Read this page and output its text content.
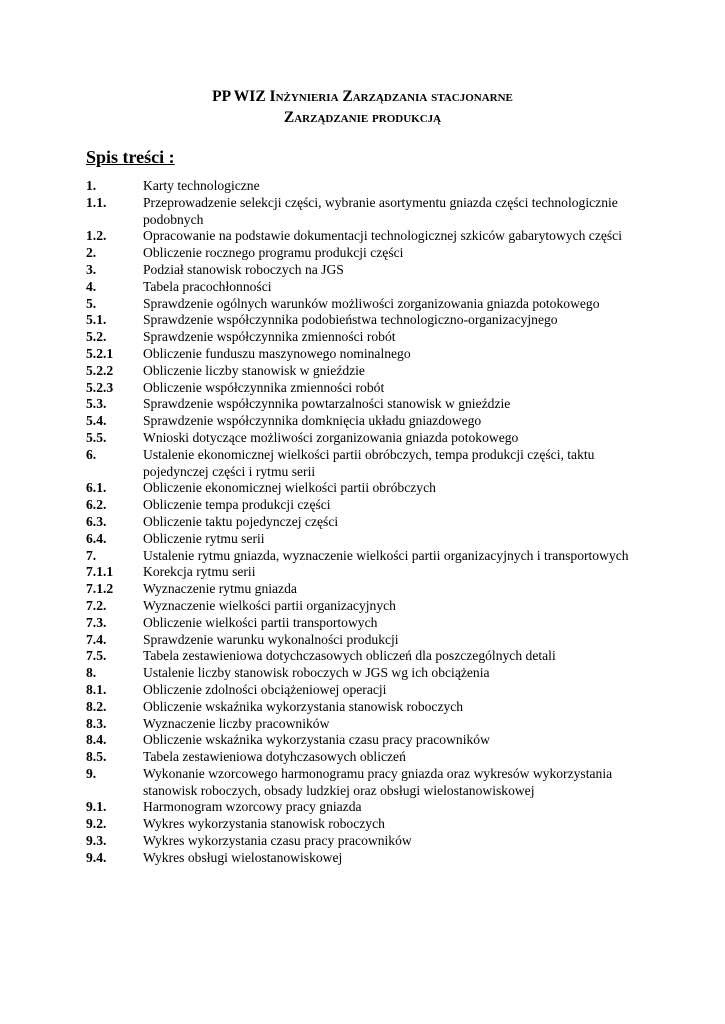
PP WIZ Inżynieria Zarządzania stacjonarne
Zarządzanie produkcją
Spis treści :
1.	Karty technologiczne
1.1.	Przeprowadzenie selekcji części, wybranie asortymentu gniazda części technologicznie podobnych
1.2.	Opracowanie na podstawie dokumentacji technologicznej szkiców gabarytowych części
2.	Obliczenie rocznego programu produkcji części
3.	Podział stanowisk roboczych na JGS
4.	Tabela pracochłonności
5.	Sprawdzenie ogólnych warunków możliwości zorganizowania gniazda potokowego
5.1.	Sprawdzenie współczynnika podobieństwa technologiczno-organizacyjnego
5.2.	Sprawdzenie współczynnika zmienności robót
5.2.1	Obliczenie funduszu maszynowego nominalnego
5.2.2	Obliczenie liczby stanowisk w gnieździe
5.2.3	Obliczenie współczynnika zmienności robót
5.3.	Sprawdzenie współczynnika powtarzalności stanowisk w gnieździe
5.4.	Sprawdzenie współczynnika domknięcia układu gniazdowego
5.5.	Wnioski dotyczące możliwości zorganizowania gniazda potokowego
6.	Ustalenie ekonomicznej wielkości partii obróbczych, tempa produkcji części, taktu pojedynczej części i rytmu serii
6.1.	Obliczenie ekonomicznej wielkości partii obróbczych
6.2.	Obliczenie tempa produkcji części
6.3.	Obliczenie taktu pojedynczej części
6.4.	Obliczenie rytmu serii
7.	Ustalenie rytmu gniazda, wyznaczenie wielkości partii organizacyjnych i transportowych
7.1.1	Korekcja rytmu serii
7.1.2	Wyznaczenie rytmu gniazda
7.2.	Wyznaczenie wielkości partii organizacyjnych
7.3.	Obliczenie wielkości partii transportowych
7.4.	Sprawdzenie warunku wykonalności produkcji
7.5.	Tabela zestawieniowa dotychczasowych obliczeń dla poszczególnych detali
8.	Ustalenie liczby stanowisk roboczych w JGS wg ich obciążenia
8.1.	Obliczenie zdolności obciążeniowej operacji
8.2.	Obliczenie wskaźnika wykorzystania stanowisk roboczych
8.3.	Wyznaczenie liczby pracowników
8.4.	Obliczenie wskaźnika wykorzystania czasu pracy pracowników
8.5.	Tabela zestawieniowa dotyhczasowych obliczeń
9.	Wykonanie wzorcowego harmonogramu pracy gniazda oraz wykresów wykorzystania
stanowisk roboczych, obsady ludzkiej oraz obsługi wielostanowiskowej
9.1.	Harmonogram wzorcowy pracy gniazda
9.2.	Wykres wykorzystania stanowisk roboczych
9.3.	Wykres wykorzystania czasu pracy pracowników
9.4.	Wykres obsługi wielostanowiskowej
